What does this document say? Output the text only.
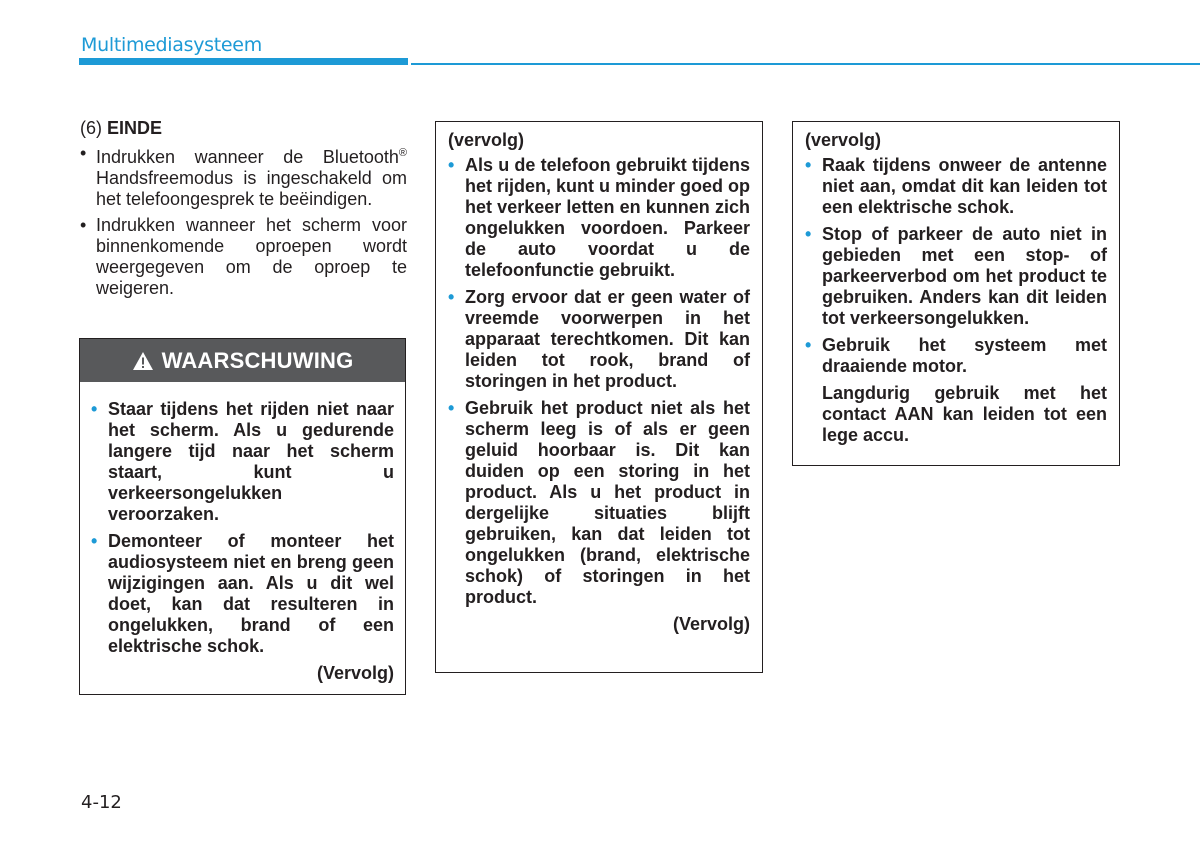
Multimediasysteem

(6) EINDE

• Indrukken wanneer de Bluetooth® Handsfreemodus is ingeschakeld om het telefoongesprek te beëindigen.
• Indrukken wanneer het scherm voor binnenkomende oproepen wordt weergegeven om de oproep te weigeren.
WAARSCHUWING
• Staar tijdens het rijden niet naar het scherm. Als u gedurende langere tijd naar het scherm staart, kunt u verkeersongelukken veroorzaken.
• Demonteer of monteer het audiosysteem niet en breng geen wijzigingen aan. Als u dit wel doet, kan dat resulteren in ongelukken, brand of een elektrische schok.

(Vervolg)

(vervolg)

• Als u de telefoon gebruikt tijdens het rijden, kunt u minder goed op het verkeer letten en kunnen zich ongelukken voordoen. Parkeer de auto voordat u de telefoonfunctie gebruikt.
• Zorg ervoor dat er geen water of vreemde voorwerpen in het apparaat terechtkomen. Dit kan leiden tot rook, brand of storingen in het product.
• Gebruik het product niet als het scherm leeg is of als er geen geluid hoorbaar is. Dit kan duiden op een storing in het product. Als u het product in dergelijke situaties blijft gebruiken, kan dat leiden tot ongelukken (brand, elektrische schok) of storingen in het product.

(Vervolg)

(vervolg)

• Raak tijdens onweer de antenne niet aan, omdat dit kan leiden tot een elektrische schok.
• Stop of parkeer de auto niet in gebieden met een stop- of parkeerverbod om het product te gebruiken. Anders kan dit leiden tot verkeersongelukken.
• Gebruik het systeem met draaiende motor.

Langdurig gebruik met het contact AAN kan leiden tot een lege accu.

4-12
